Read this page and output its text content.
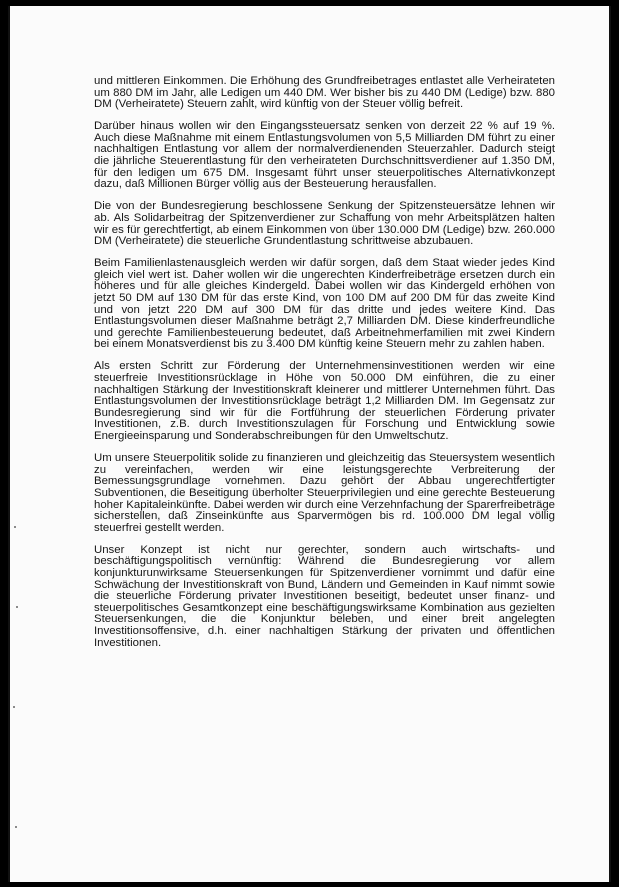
und mittleren Einkommen. Die Erhöhung des Grundfreibetrages entlastet alle Verheirateten um 880 DM im Jahr, alle Ledigen um 440 DM. Wer bisher bis zu 440 DM (Ledige) bzw. 880 DM (Verheiratete) Steuern zahlt, wird künftig von der Steuer völlig befreit.

Darüber hinaus wollen wir den Eingangssteuersatz senken von derzeit 22 % auf 19 %. Auch diese Maßnahme mit einem Entlastungsvolumen von 5,5 Milliarden DM führt zu einer nachhaltigen Entlastung vor allem der normalverdienenden Steuerzahler. Dadurch steigt die jährliche Steuerentlastung für den verheirateten Durchschnittsverdiener auf 1.350 DM, für den ledigen um 675 DM. Insgesamt führt unser steuerpolitisches Alternativkonzept dazu, daß Millionen Bürger völlig aus der Besteuerung herausfallen.

Die von der Bundesregierung beschlossene Senkung der Spitzensteuersätze lehnen wir ab. Als Solidarbeitrag der Spitzenverdiener zur Schaffung von mehr Arbeitsplätzen halten wir es für gerechtfertigt, ab einem Einkommen von über 130.000 DM (Ledige) bzw. 260.000 DM (Verheiratete) die steuerliche Grundentlastung schrittweise abzubauen.

Beim Familienlastenausgleich werden wir dafür sorgen, daß dem Staat wieder jedes Kind gleich viel wert ist. Daher wollen wir die ungerechten Kinderfreibeträge ersetzen durch ein höheres und für alle gleiches Kindergeld. Dabei wollen wir das Kindergeld erhöhen von jetzt 50 DM auf 130 DM für das erste Kind, von 100 DM auf 200 DM für das zweite Kind und von jetzt 220 DM auf 300 DM für das dritte und jedes weitere Kind. Das Entlastungsvolumen dieser Maßnahme beträgt 2,7 Milliarden DM. Diese kinderfreundliche und gerechte Familienbesteuerung bedeutet, daß Arbeitnehmerfamilien mit zwei Kindern bei einem Monatsverdienst bis zu 3.400 DM künftig keine Steuern mehr zu zahlen haben.

Als ersten Schritt zur Förderung der Unternehmensinvestitionen werden wir eine steuerfreie Investitionsrücklage in Höhe von 50.000 DM einführen, die zu einer nachhaltigen Stärkung der Investitionskraft kleinerer und mittlerer Unternehmen führt. Das Entlastungsvolumen der Investitionsrücklage beträgt 1,2 Milliarden DM. Im Gegensatz zur Bundesregierung sind wir für die Fortführung der steuerlichen Förderung privater Investitionen, z.B. durch Investitionszulagen für Forschung und Entwicklung sowie Energieeinsparung und Sonderabschreibungen für den Umweltschutz.

Um unsere Steuerpolitik solide zu finanzieren und gleichzeitig das Steuersystem wesentlich zu vereinfachen, werden wir eine leistungsgerechte Verbreiterung der Bemessungsgrundlage vornehmen. Dazu gehört der Abbau ungerechtfertigter Subventionen, die Beseitigung überholter Steuerprivilegien und eine gerechte Besteuerung hoher Kapitaleinkünfte. Dabei werden wir durch eine Verzehnfachung der Sparerfreibeträge sicherstellen, daß Zinseinkünfte aus Sparvermögen bis rd. 100.000 DM legal völlig steuerfrei gestellt werden.

Unser Konzept ist nicht nur gerechter, sondern auch wirtschafts- und beschäftigungspolitisch vernünftig: Während die Bundesregierung vor allem konjunkturunwirksame Steuersenkungen für Spitzenverdiener vornimmt und dafür eine Schwächung der Investitionskraft von Bund, Ländern und Gemeinden in Kauf nimmt sowie die steuerliche Förderung privater Investitionen beseitigt, bedeutet unser finanz- und steuerpolitisches Gesamtkonzept eine beschäftigungswirksame Kombination aus gezielten Steuersenkungen, die die Konjunktur beleben, und einer breit angelegten Investitionsoffensive, d.h. einer nachhaltigen Stärkung der privaten und öffentlichen Investitionen.
